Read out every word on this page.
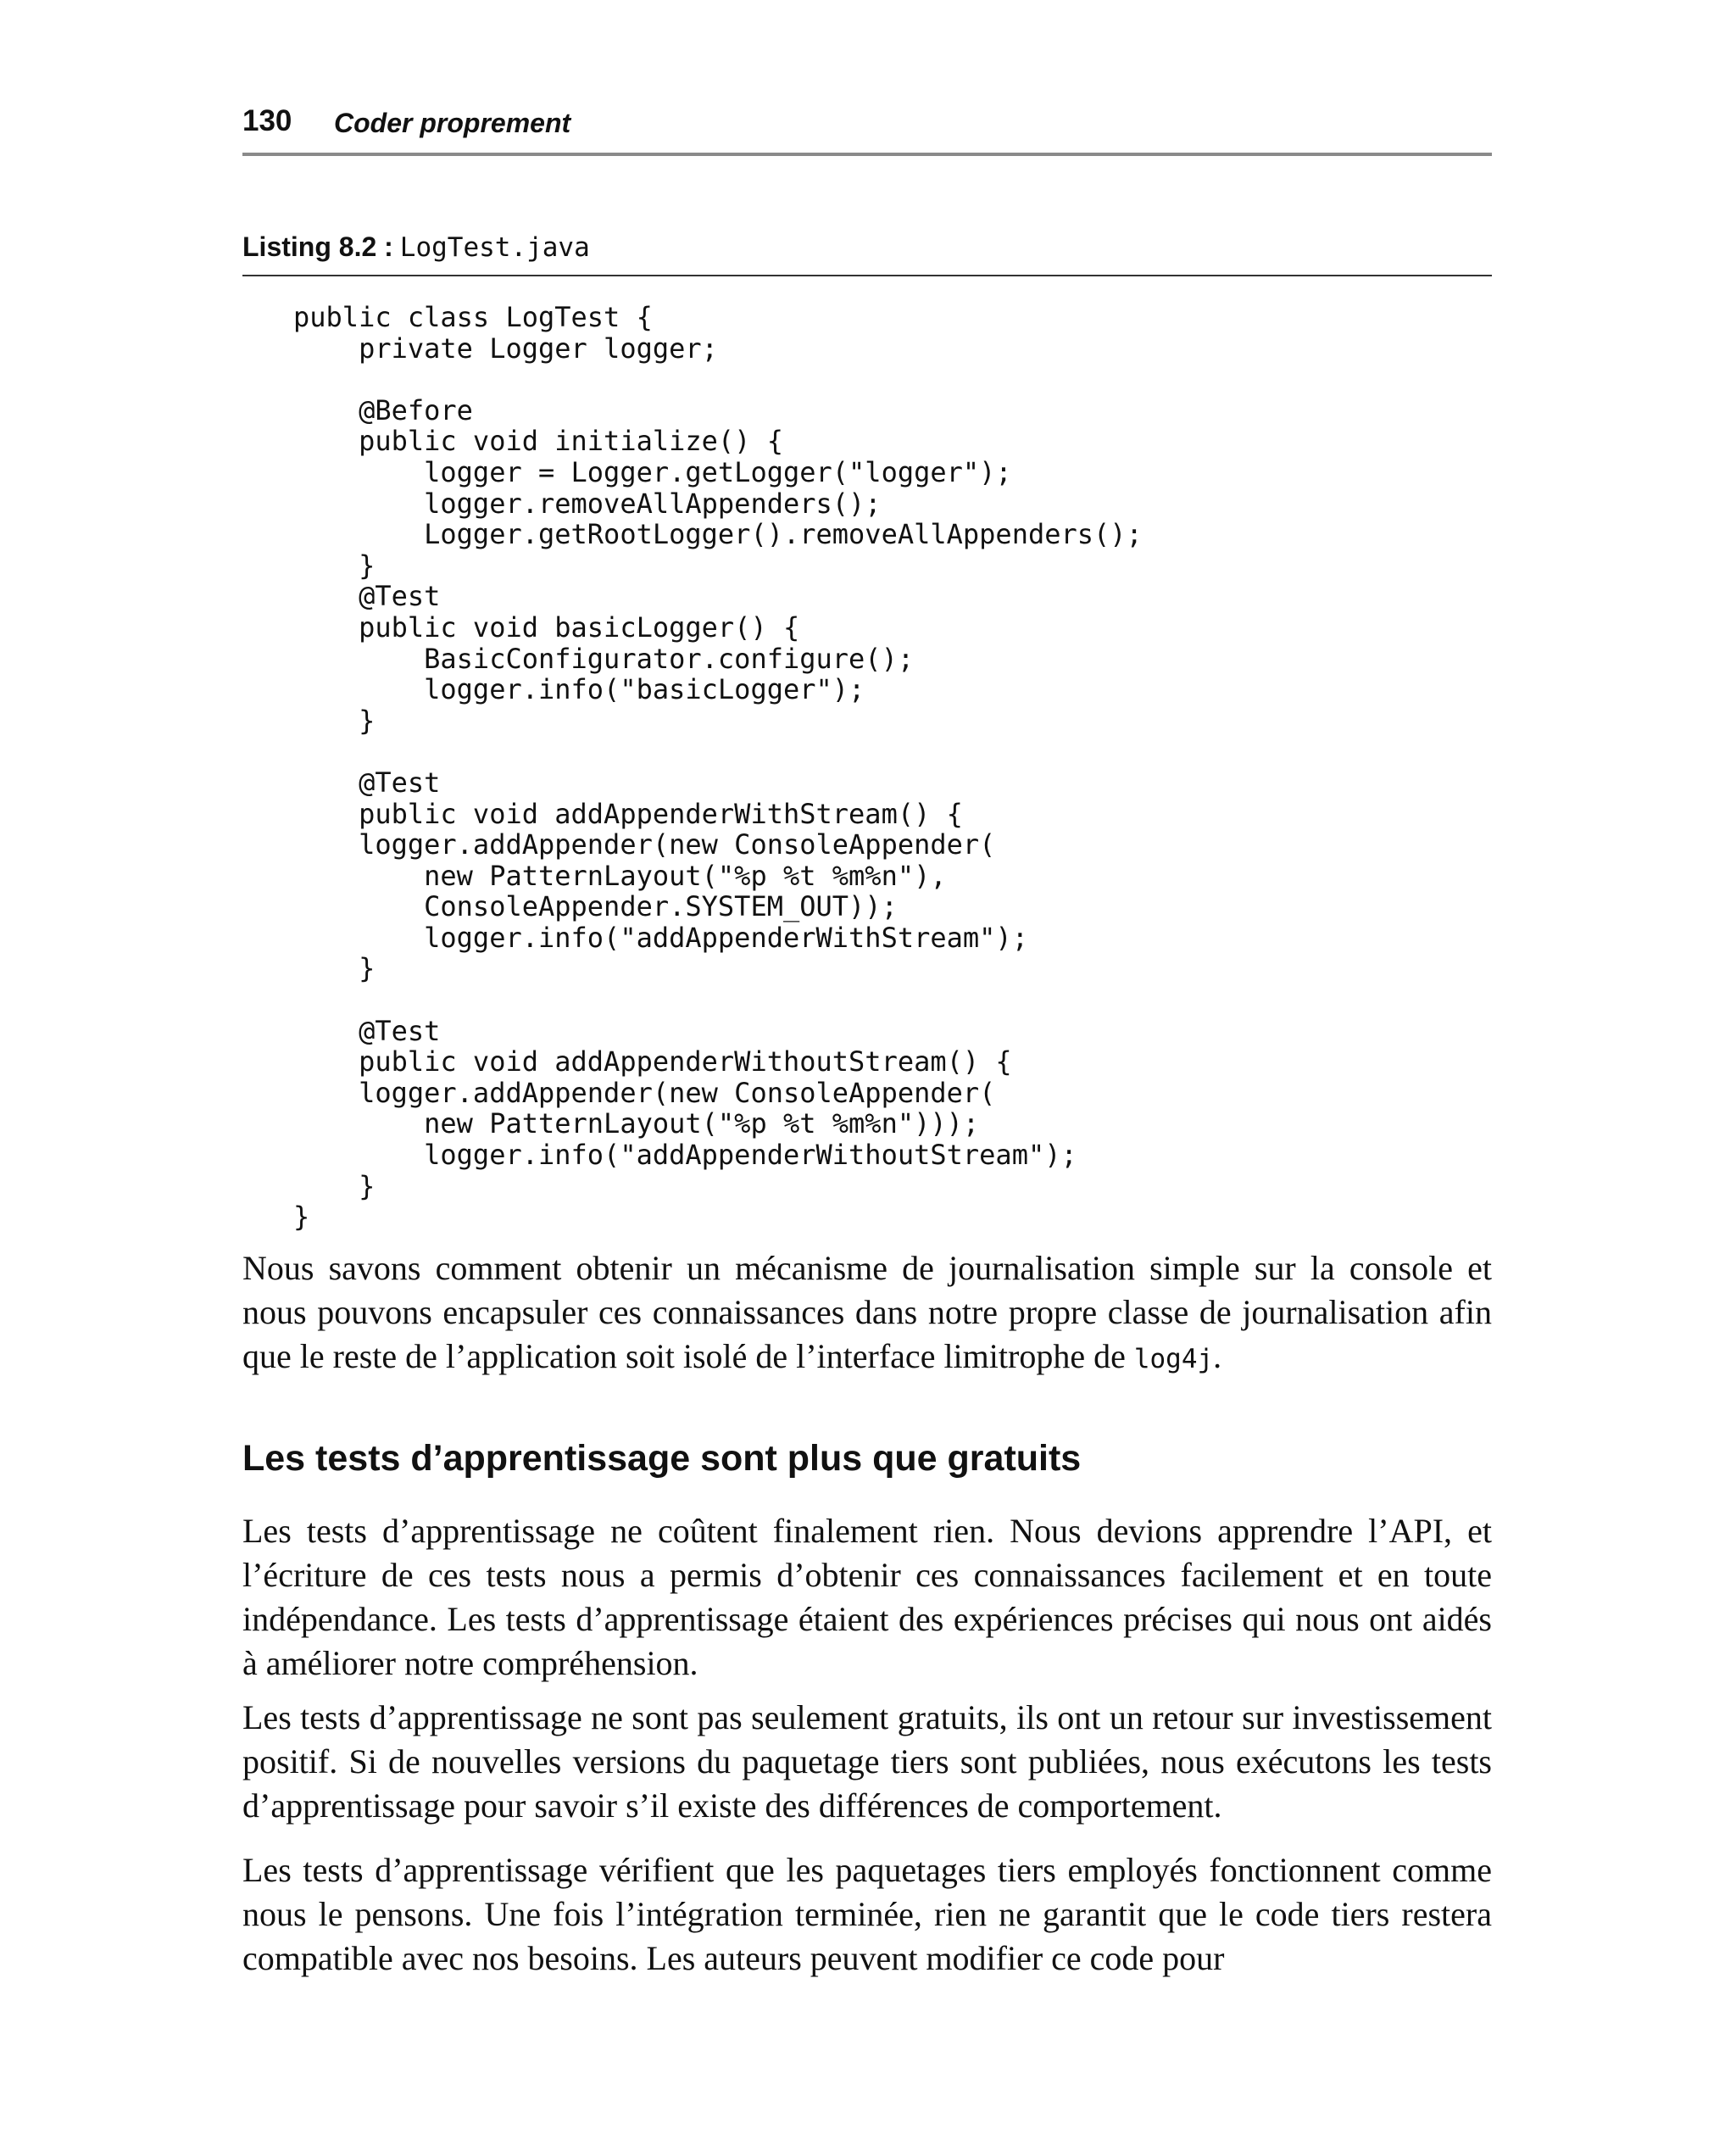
130 Coder proprement
Listing 8.2 : LogTest.java
public class LogTest {
private Logger logger;

@Before
public void initialize() {
logger = Logger.getLogger("logger");
logger.removeAllAppenders();
Logger.getRootLogger().removeAllAppenders();
}
@Test
public void basicLogger() {
BasicConfigurator.configure();
logger.info("basicLogger");
}

@Test
public void addAppenderWithStream() {
logger.addAppender(new ConsoleAppender(
new PatternLayout("%p %t %m%n"),
ConsoleAppender.SYSTEM_OUT));
logger.info("addAppenderWithStream");
}

@Test
public void addAppenderWithoutStream() {
logger.addAppender(new ConsoleAppender(
new PatternLayout("%p %t %m%n")));
logger.info("addAppenderWithoutStream");
}
}

Nous savons comment obtenir un mécanisme de journalisation simple sur la console et nous pouvons encapsuler ces connaissances dans notre propre classe de journalisation afin que le reste de l’application soit isolé de l’interface limitrophe de log4j.

Les tests d’apprentissage sont plus que gratuits

Les tests d’apprentissage ne coûtent finalement rien. Nous devions apprendre l’API, et l’écriture de ces tests nous a permis d’obtenir ces connaissances facilement et en toute indépendance. Les tests d’apprentissage étaient des expériences précises qui nous ont aidés à améliorer notre compréhension.

Les tests d’apprentissage ne sont pas seulement gratuits, ils ont un retour sur investissement positif. Si de nouvelles versions du paquetage tiers sont publiées, nous exécutons les tests d’apprentissage pour savoir s’il existe des différences de comportement.

Les tests d’apprentissage vérifient que les paquetages tiers employés fonctionnent comme nous le pensons. Une fois l’intégration terminée, rien ne garantit que le code tiers restera compatible avec nos besoins. Les auteurs peuvent modifier ce code pour
